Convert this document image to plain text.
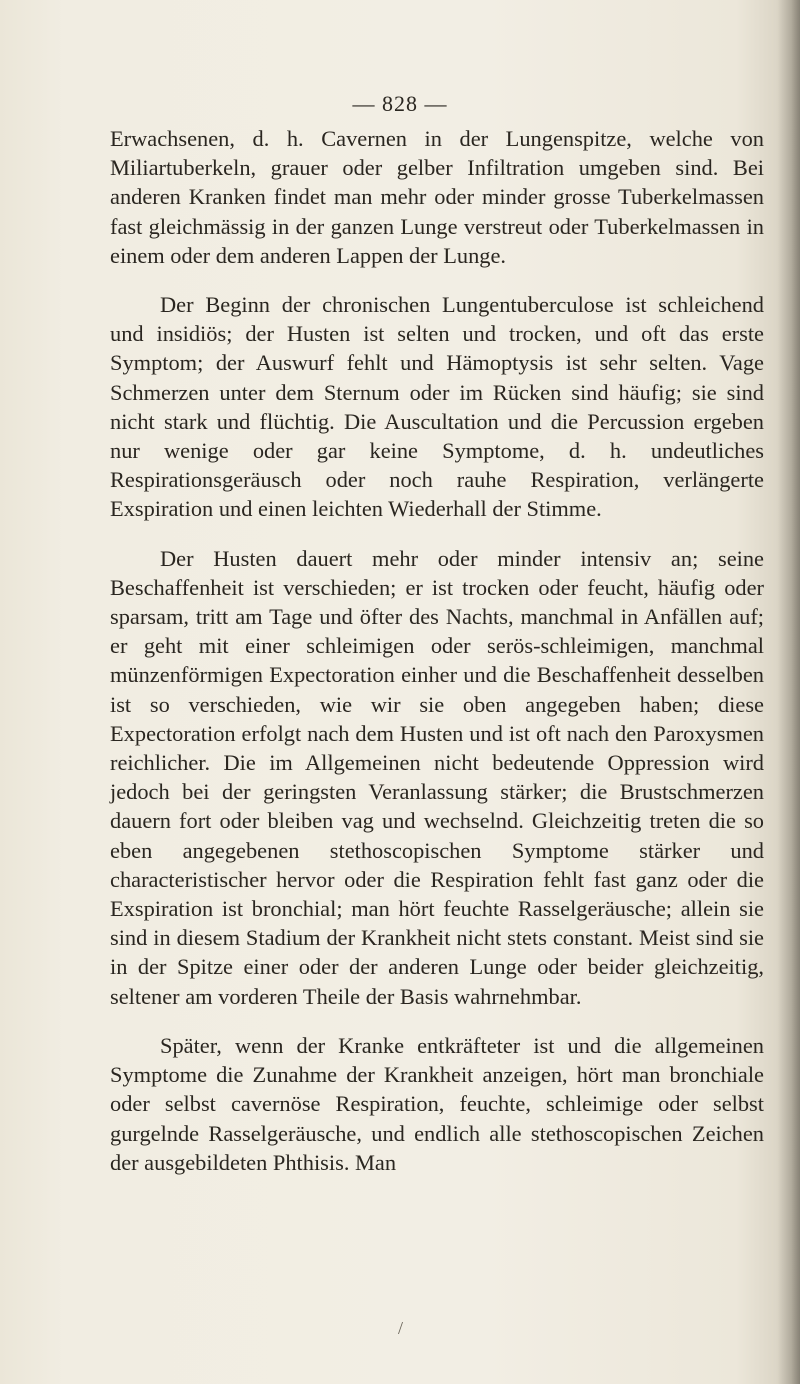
— 828 —

Erwachsenen, d. h. Cavernen in der Lungenspitze, welche von Miliartuberkeln, grauer oder gelber Infiltration umgeben sind. Bei anderen Kranken findet man mehr oder minder grosse Tuberkelmassen fast gleichmässig in der ganzen Lunge verstreut oder Tuberkelmassen in einem oder dem anderen Lappen der Lunge.

Der Beginn der chronischen Lungentuberculose ist schleichend und insidiös; der Husten ist selten und trocken, und oft das erste Symptom; der Auswurf fehlt und Hämoptysis ist sehr selten. Vage Schmerzen unter dem Sternum oder im Rücken sind häufig; sie sind nicht stark und flüchtig. Die Auscultation und die Percussion ergeben nur wenige oder gar keine Symptome, d. h. undeutliches Respirationsgeräusch oder noch rauhe Respiration, verlängerte Exspiration und einen leichten Wiederhall der Stimme.

Der Husten dauert mehr oder minder intensiv an; seine Beschaffenheit ist verschieden; er ist trocken oder feucht, häufig oder sparsam, tritt am Tage und öfter des Nachts, manchmal in Anfällen auf; er geht mit einer schleimigen oder serös-schleimigen, manchmal münzenförmigen Expectoration einher und die Beschaffenheit desselben ist so verschieden, wie wir sie oben angegeben haben; diese Expectoration erfolgt nach dem Husten und ist oft nach den Paroxysmen reichlicher. Die im Allgemeinen nicht bedeutende Oppression wird jedoch bei der geringsten Veranlassung stärker; die Brustschmerzen dauern fort oder bleiben vag und wechselnd. Gleichzeitig treten die so eben angegebenen stethoscopischen Symptome stärker und characteristischer hervor oder die Respiration fehlt fast ganz oder die Exspiration ist bronchial; man hört feuchte Rasselgeräusche; allein sie sind in diesem Stadium der Krankheit nicht stets constant. Meist sind sie in der Spitze einer oder der anderen Lunge oder beider gleichzeitig, seltener am vorderen Theile der Basis wahrnehmbar.

Später, wenn der Kranke entkräfteter ist und die allgemeinen Symptome die Zunahme der Krankheit anzeigen, hört man bronchiale oder selbst cavernöse Respiration, feuchte, schleimige oder selbst gurgelnde Rasselgeräusche, und endlich alle stethoscopischen Zeichen der ausgebildeten Phthisis. Man

/
